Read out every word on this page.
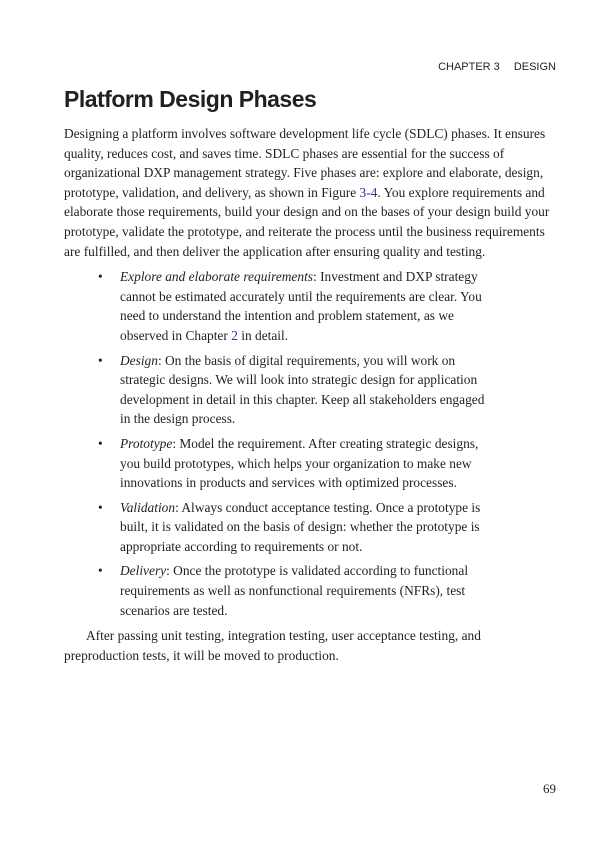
CHAPTER 3 DESIGN
Platform Design Phases

Designing a platform involves software development life cycle (SDLC) phases. It ensures quality, reduces cost, and saves time. SDLC phases are essential for the success of organizational DXP management strategy. Five phases are: explore and elaborate, design, prototype, validation, and delivery, as shown in Figure 3-4. You explore requirements and elaborate those requirements, build your design and on the bases of your design build your prototype, validate the prototype, and reiterate the process until the business requirements are fulfilled, and then deliver the application after ensuring quality and testing.

• Explore and elaborate requirements: Investment and DXP strategy cannot be estimated accurately until the requirements are clear. You need to understand the intention and problem statement, as we observed in Chapter 2 in detail.
• Design: On the basis of digital requirements, you will work on strategic designs. We will look into strategic design for application development in detail in this chapter. Keep all stakeholders engaged in the design process.
• Prototype: Model the requirement. After creating strategic designs, you build prototypes, which helps your organization to make new innovations in products and services with optimized processes.
• Validation: Always conduct acceptance testing. Once a prototype is built, it is validated on the basis of design: whether the prototype is appropriate according to requirements or not.
• Delivery: Once the prototype is validated according to functional requirements as well as nonfunctional requirements (NFRs), test scenarios are tested.

After passing unit testing, integration testing, user acceptance testing, and preproduction tests, it will be moved to production.

69
